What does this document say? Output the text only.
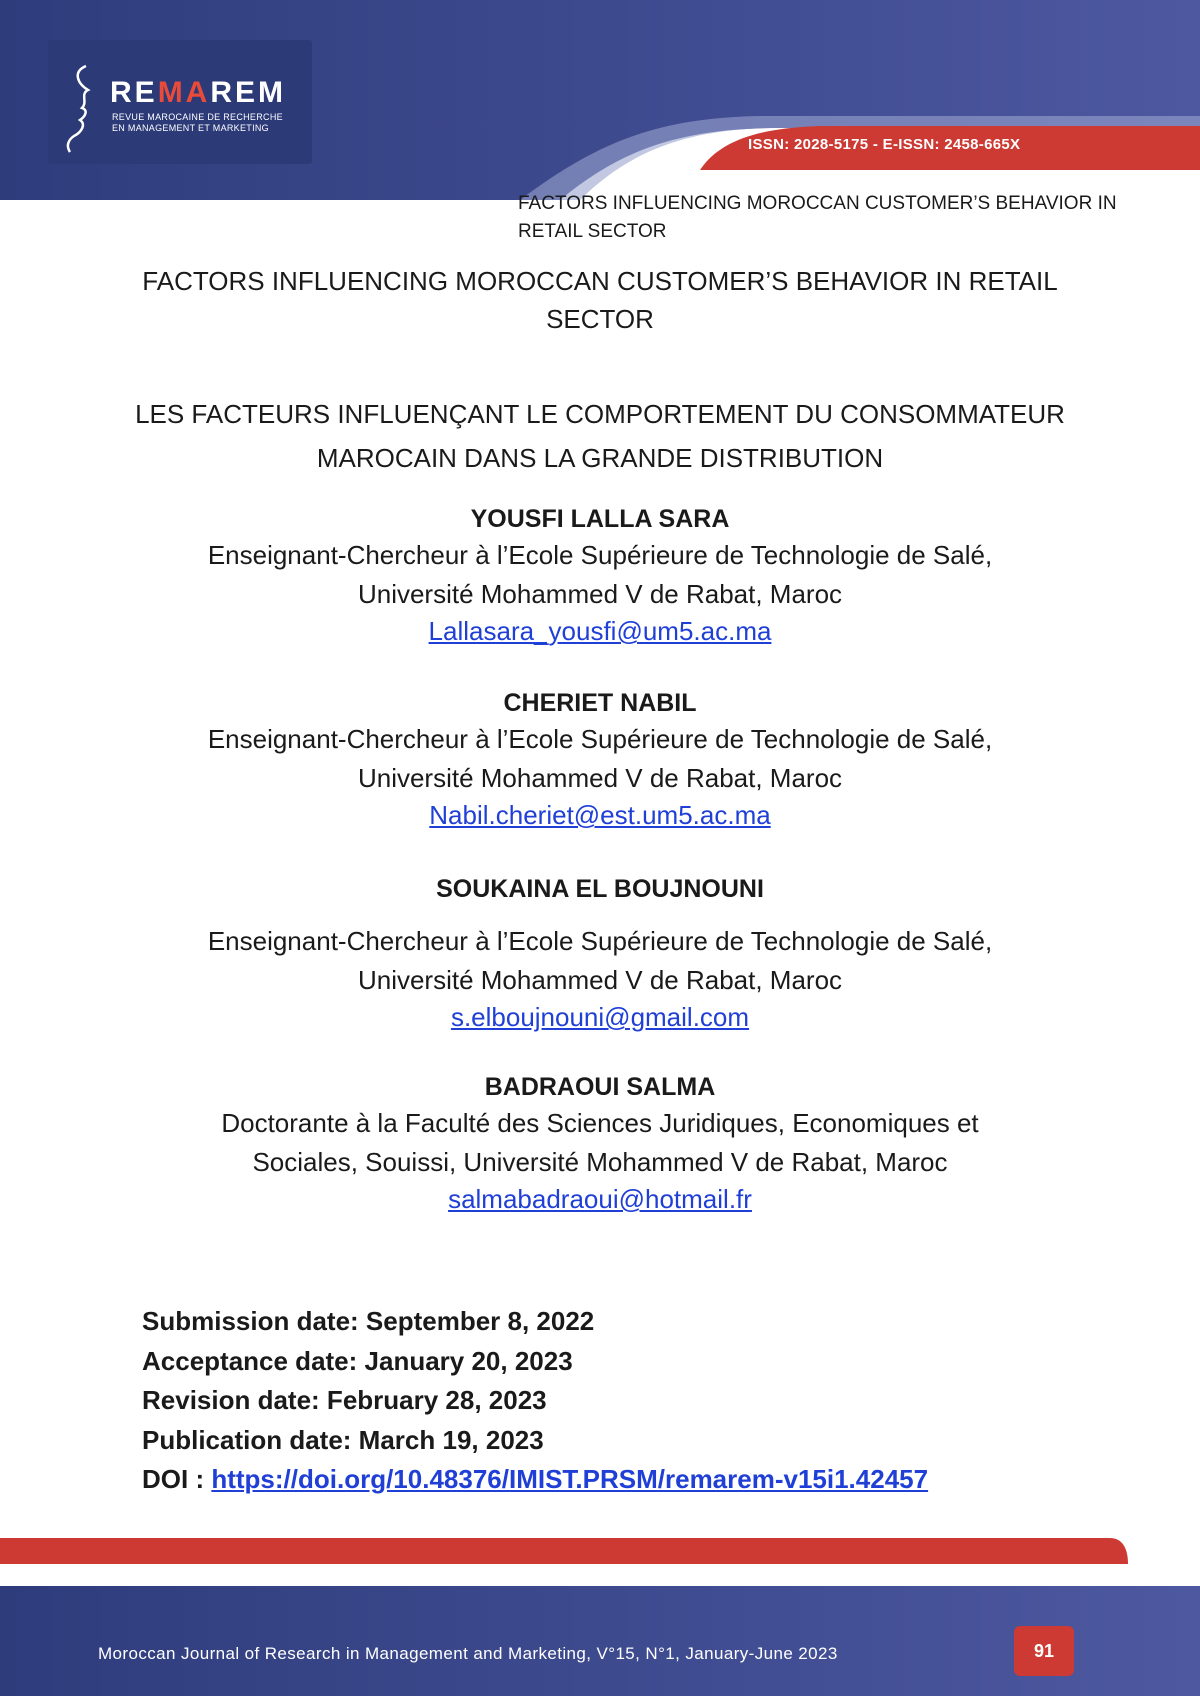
REMAREM
REVUE MAROCAINE DE RECHERCHE
EN MANAGEMENT ET MARKETING
ISSN: 2028-5175 - E-ISSN: 2458-665X
FACTORS INFLUENCING MOROCCAN CUSTOMER’S BEHAVIOR IN RETAIL SECTOR
FACTORS INFLUENCING MOROCCAN CUSTOMER’S BEHAVIOR IN RETAIL SECTOR
LES FACTEURS INFLUENÇANT LE COMPORTEMENT DU CONSOMMATEUR MAROCAIN DANS LA GRANDE DISTRIBUTION
YOUSFI LALLA SARA
Enseignant-Chercheur à l’Ecole Supérieure de Technologie de Salé,
Université Mohammed V de Rabat, Maroc
Lallasara_yousfi@um5.ac.ma
CHERIET NABIL
Enseignant-Chercheur à l’Ecole Supérieure de Technologie de Salé,
Université Mohammed V de Rabat, Maroc
Nabil.cheriet@est.um5.ac.ma
SOUKAINA EL BOUJNOUNI
Enseignant-Chercheur à l’Ecole Supérieure de Technologie de Salé,
Université Mohammed V de Rabat, Maroc
s.elboujnouni@gmail.com
BADRAOUI SALMA
Doctorante à la Faculté des Sciences Juridiques, Economiques et
Sociales, Souissi, Université Mohammed V de Rabat, Maroc
salmabadraoui@hotmail.fr
Submission date: September 8, 2022
Acceptance date: January 20, 2023
Revision date: February 28, 2023
Publication date: March 19, 2023
DOI : https://doi.org/10.48376/IMIST.PRSM/remarem-v15i1.42457
Moroccan Journal of Research in Management and Marketing, V°15, N°1, January-June 2023	91
